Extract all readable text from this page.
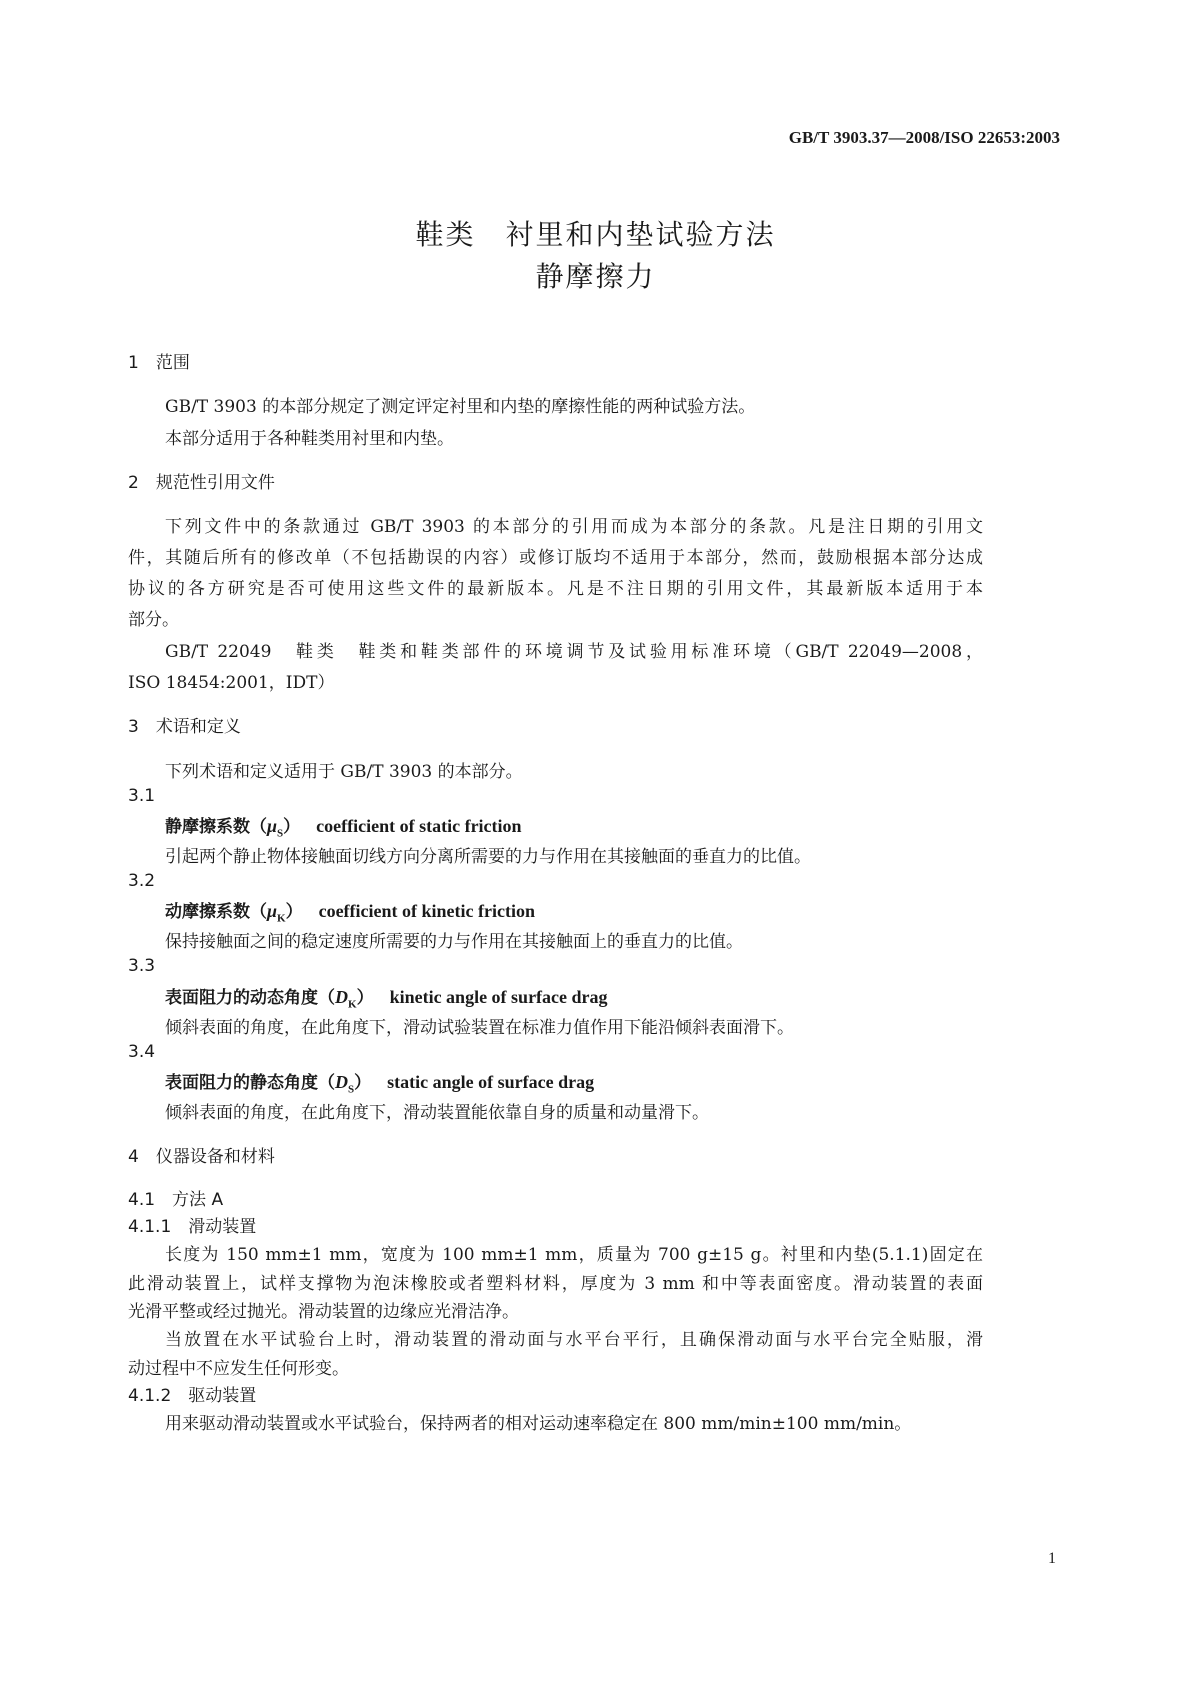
GB/T 3903.37—2008/ISO 22653:2003
鞋类　衬里和内垫试验方法
静摩擦力
1　范围
GB/T 3903 的本部分规定了测定评定衬里和内垫的摩擦性能的两种试验方法。
本部分适用于各种鞋类用衬里和内垫。
2　规范性引用文件
下列文件中的条款通过 GB/T 3903 的本部分的引用而成为本部分的条款。凡是注日期的引用文
件，其随后所有的修改单（不包括勘误的内容）或修订版均不适用于本部分，然而，鼓励根据本部分达成
协议的各方研究是否可使用这些文件的最新版本。凡是不注日期的引用文件，其最新版本适用于本
部分。
GB/T 22049　鞋类　鞋类和鞋类部件的环境调节及试验用标准环境（GB/T 22049—2008，
ISO 18454:2001，IDT）
3　术语和定义
下列术语和定义适用于 GB/T 3903 的本部分。
3.1
静摩擦系数$(\mu_S)$ coefficient of static friction
引起两个静止物体接触面切线方向分离所需要的力与作用在其接触面的垂直力的比值。
3.2
动摩擦系数$(\mu_K)$ coefficient of kinetic friction
保持接触面之间的稳定速度所需要的力与作用在其接触面上的垂直力的比值。
3.3
表面阻力的动态角度$(D_K)$ kinetic angle of surface drag
倾斜表面的角度，在此角度下，滑动试验装置在标准力值作用下能沿倾斜表面滑下。
3.4
表面阻力的静态角度$(D_S)$ static angle of surface drag
倾斜表面的角度，在此角度下，滑动装置能依靠自身的质量和动量滑下。
4　仪器设备和材料
4.1　方法 A
4.1.1　滑动装置
长度为 150 mm±1 mm，宽度为 100 mm±1 mm，质量为 700 g±15 g。衬里和内垫(5.1.1)固定在
此滑动装置上，试样支撑物为泡沫橡胶或者塑料材料，厚度为 3 mm 和中等表面密度。滑动装置的表面
光滑平整或经过抛光。滑动装置的边缘应光滑洁净。
当放置在水平试验台上时，滑动装置的滑动面与水平台平行，且确保滑动面与水平台完全贴服，滑
动过程中不应发生任何形变。
4.1.2　驱动装置
用来驱动滑动装置或水平试验台，保持两者的相对运动速率稳定在 800 mm/min±100 mm/min。
1
